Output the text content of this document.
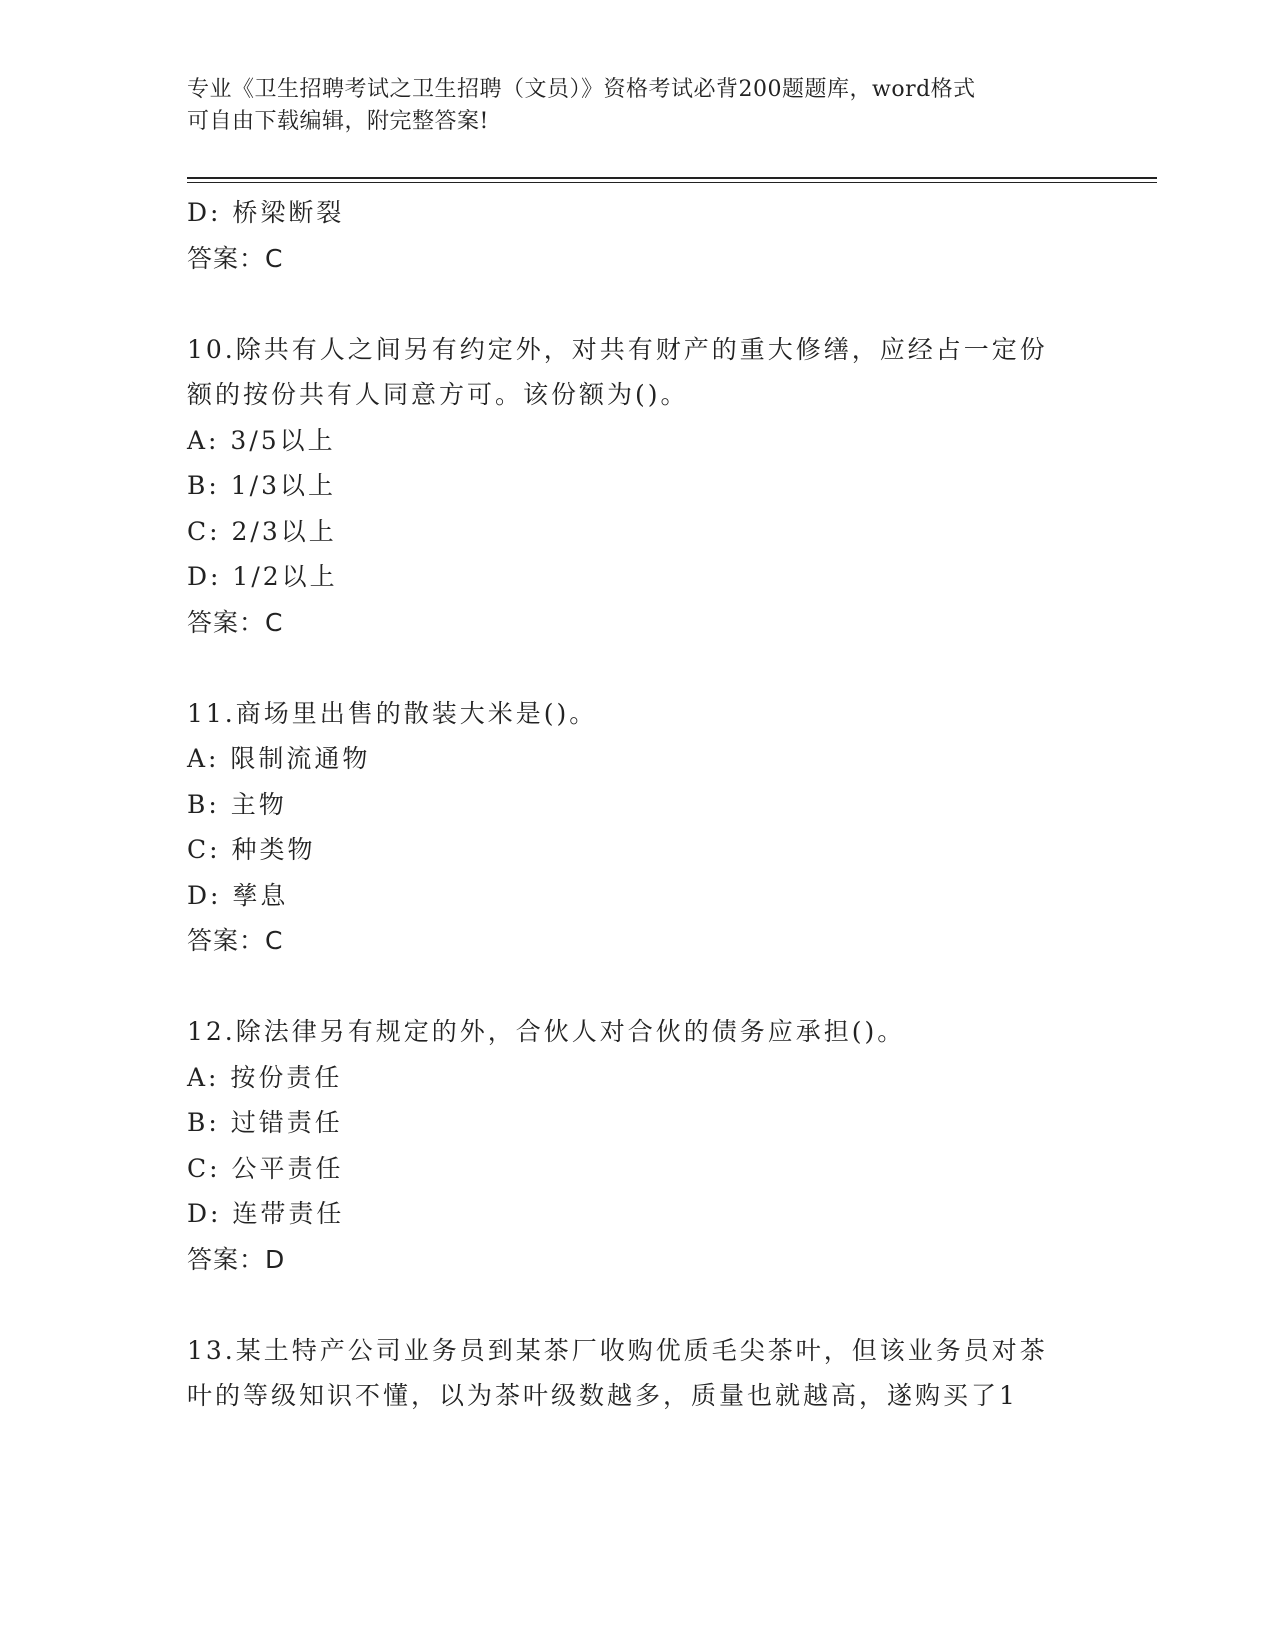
专业《卫生招聘考试之卫生招聘（文员）》资格考试必背200题题库，word格式
可自由下载编辑，附完整答案!
D: 桥梁断裂
答案：C
10.除共有人之间另有约定外，对共有财产的重大修缮，应经占一定份
额的按份共有人同意方可。该份额为()。
A: 3/5以上
B: 1/3以上
C: 2/3以上
D: 1/2以上
答案：C
11.商场里出售的散装大米是()。
A: 限制流通物
B: 主物
C: 种类物
D: 孳息
答案：C
12.除法律另有规定的外，合伙人对合伙的债务应承担()。
A: 按份责任
B: 过错责任
C: 公平责任
D: 连带责任
答案：D
13.某土特产公司业务员到某茶厂收购优质毛尖茶叶，但该业务员对茶
叶的等级知识不懂，以为茶叶级数越多，质量也就越高，遂购买了1
